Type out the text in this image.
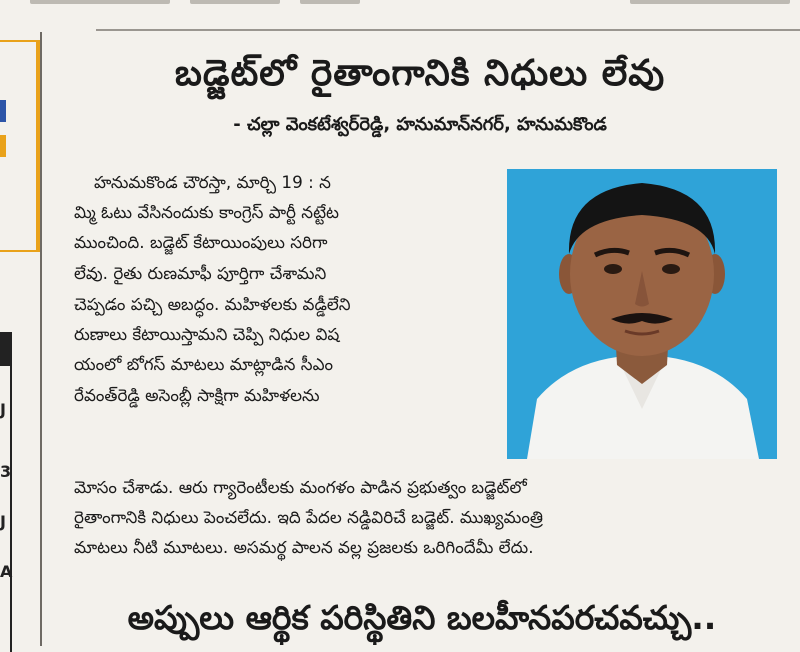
J
3
J
A
బడ్జెట్‌లో రైతాంగానికి నిధులు లేవు
- చల్లా వెంకటేశ్వర్‌రెడ్డి, హనుమాన్‌నగర్, హనుమకొండ
హనుమకొండ చౌరస్తా, మార్చి 19 : న
మ్మి ఓటు వేసినందుకు కాంగ్రెస్ పార్టీ నట్టేట
ముంచింది. బడ్జెట్ కేటాయింపులు సరిగా
లేవు. రైతు రుణమాఫీ పూర్తిగా చేశామని
చెప్పడం పచ్చి అబద్ధం. మహిళలకు వడ్డీలేని
రుణాలు కేటాయిస్తామని చెప్పి నిధుల విష
యంలో బోగస్ మాటలు మాట్లాడిన సీఎం
రేవంత్‌రెడ్డి అసెంబ్లీ సాక్షిగా మహిళలను
మోసం చేశాడు. ఆరు గ్యారెంటీలకు మంగళం పాడిన ప్రభుత్వం బడ్జెట్‌లో
రైతాంగానికి నిధులు పెంచలేదు. ఇది పేదల నడ్డివిరిచే బడ్జెట్. ముఖ్యమంత్రి
మాటలు నీటి మూటలు. అసమర్థ పాలన వల్ల ప్రజలకు ఒరిగిందేమీ లేదు.
అప్పులు ఆర్థిక పరిస్థితిని బలహీనపరచవచ్చు..
